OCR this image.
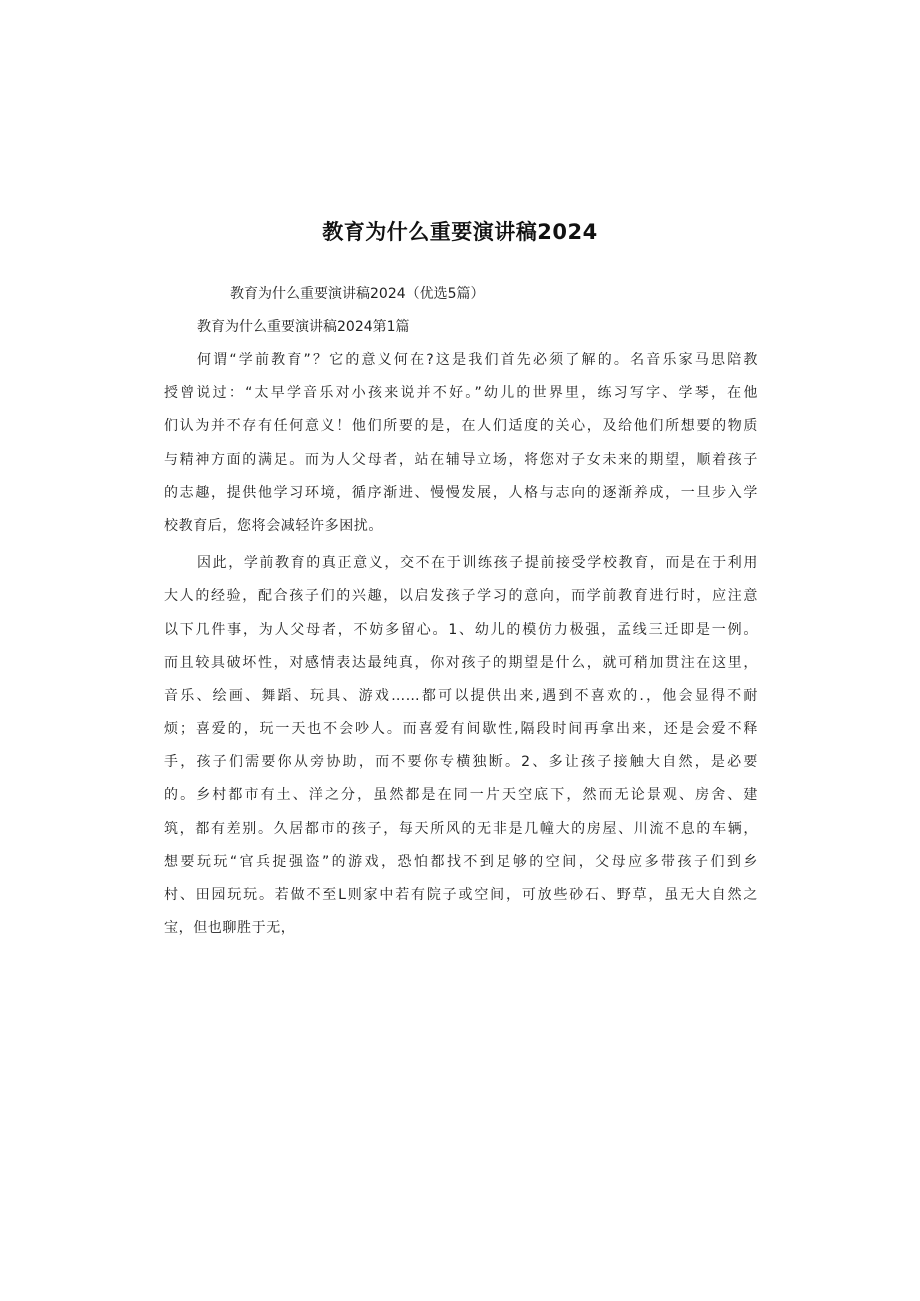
教育为什么重要演讲稿2024

教育为什么重要演讲稿2024（优选5篇）

教育为什么重要演讲稿2024第1篇

何谓“学前教育”？它的意义何在?这是我们首先必须了解的。名音乐家马思陪教
授曾说过：“太早学音乐对小孩来说并不好。”幼儿的世界里，练习写字、学琴，在他
们认为并不存有任何意义！他们所要的是，在人们适度的关心，及给他们所想要的物质
与精神方面的满足。而为人父母者，站在辅导立场，将您对子女未来的期望，顺着孩子
的志趣，提供他学习环境，循序渐进、慢慢发展，人格与志向的逐渐养成，一旦步入学
校教育后，您将会减轻许多困扰。
因此，学前教育的真正意义，交不在于训练孩子提前接受学校教育，而是在于利用
大人的经验，配合孩子们的兴趣，以启发孩子学习的意向，而学前教育进行时，应注意
以下几件事，为人父母者，不妨多留心。1、幼儿的模仿力极强，孟线三迁即是一例。
而且较具破坏性，对感情表达最纯真，你对孩子的期望是什么，就可稍加贯注在这里，
音乐、绘画、舞蹈、玩具、游戏……都可以提供出来,遇到不喜欢的.，他会显得不耐
烦；喜爱的，玩一天也不会吵人。而喜爱有间歇性,隔段时间再拿出来，还是会爱不释
手，孩子们需要你从旁协助，而不要你专横独断。2、多让孩子接触大自然，是必要
的。乡村都市有土、洋之分，虽然都是在同一片天空底下，然而无论景观、房舍、建
筑，都有差别。久居都市的孩子，每天所风的无非是几幢大的房屋、川流不息的车辆，
想要玩玩“官兵捉强盗”的游戏，恐怕都找不到足够的空间，父母应多带孩子们到乡
村、田园玩玩。若做不至L则家中若有院子或空间，可放些砂石、野草，虽无大自然之
宝，但也聊胜于无，
